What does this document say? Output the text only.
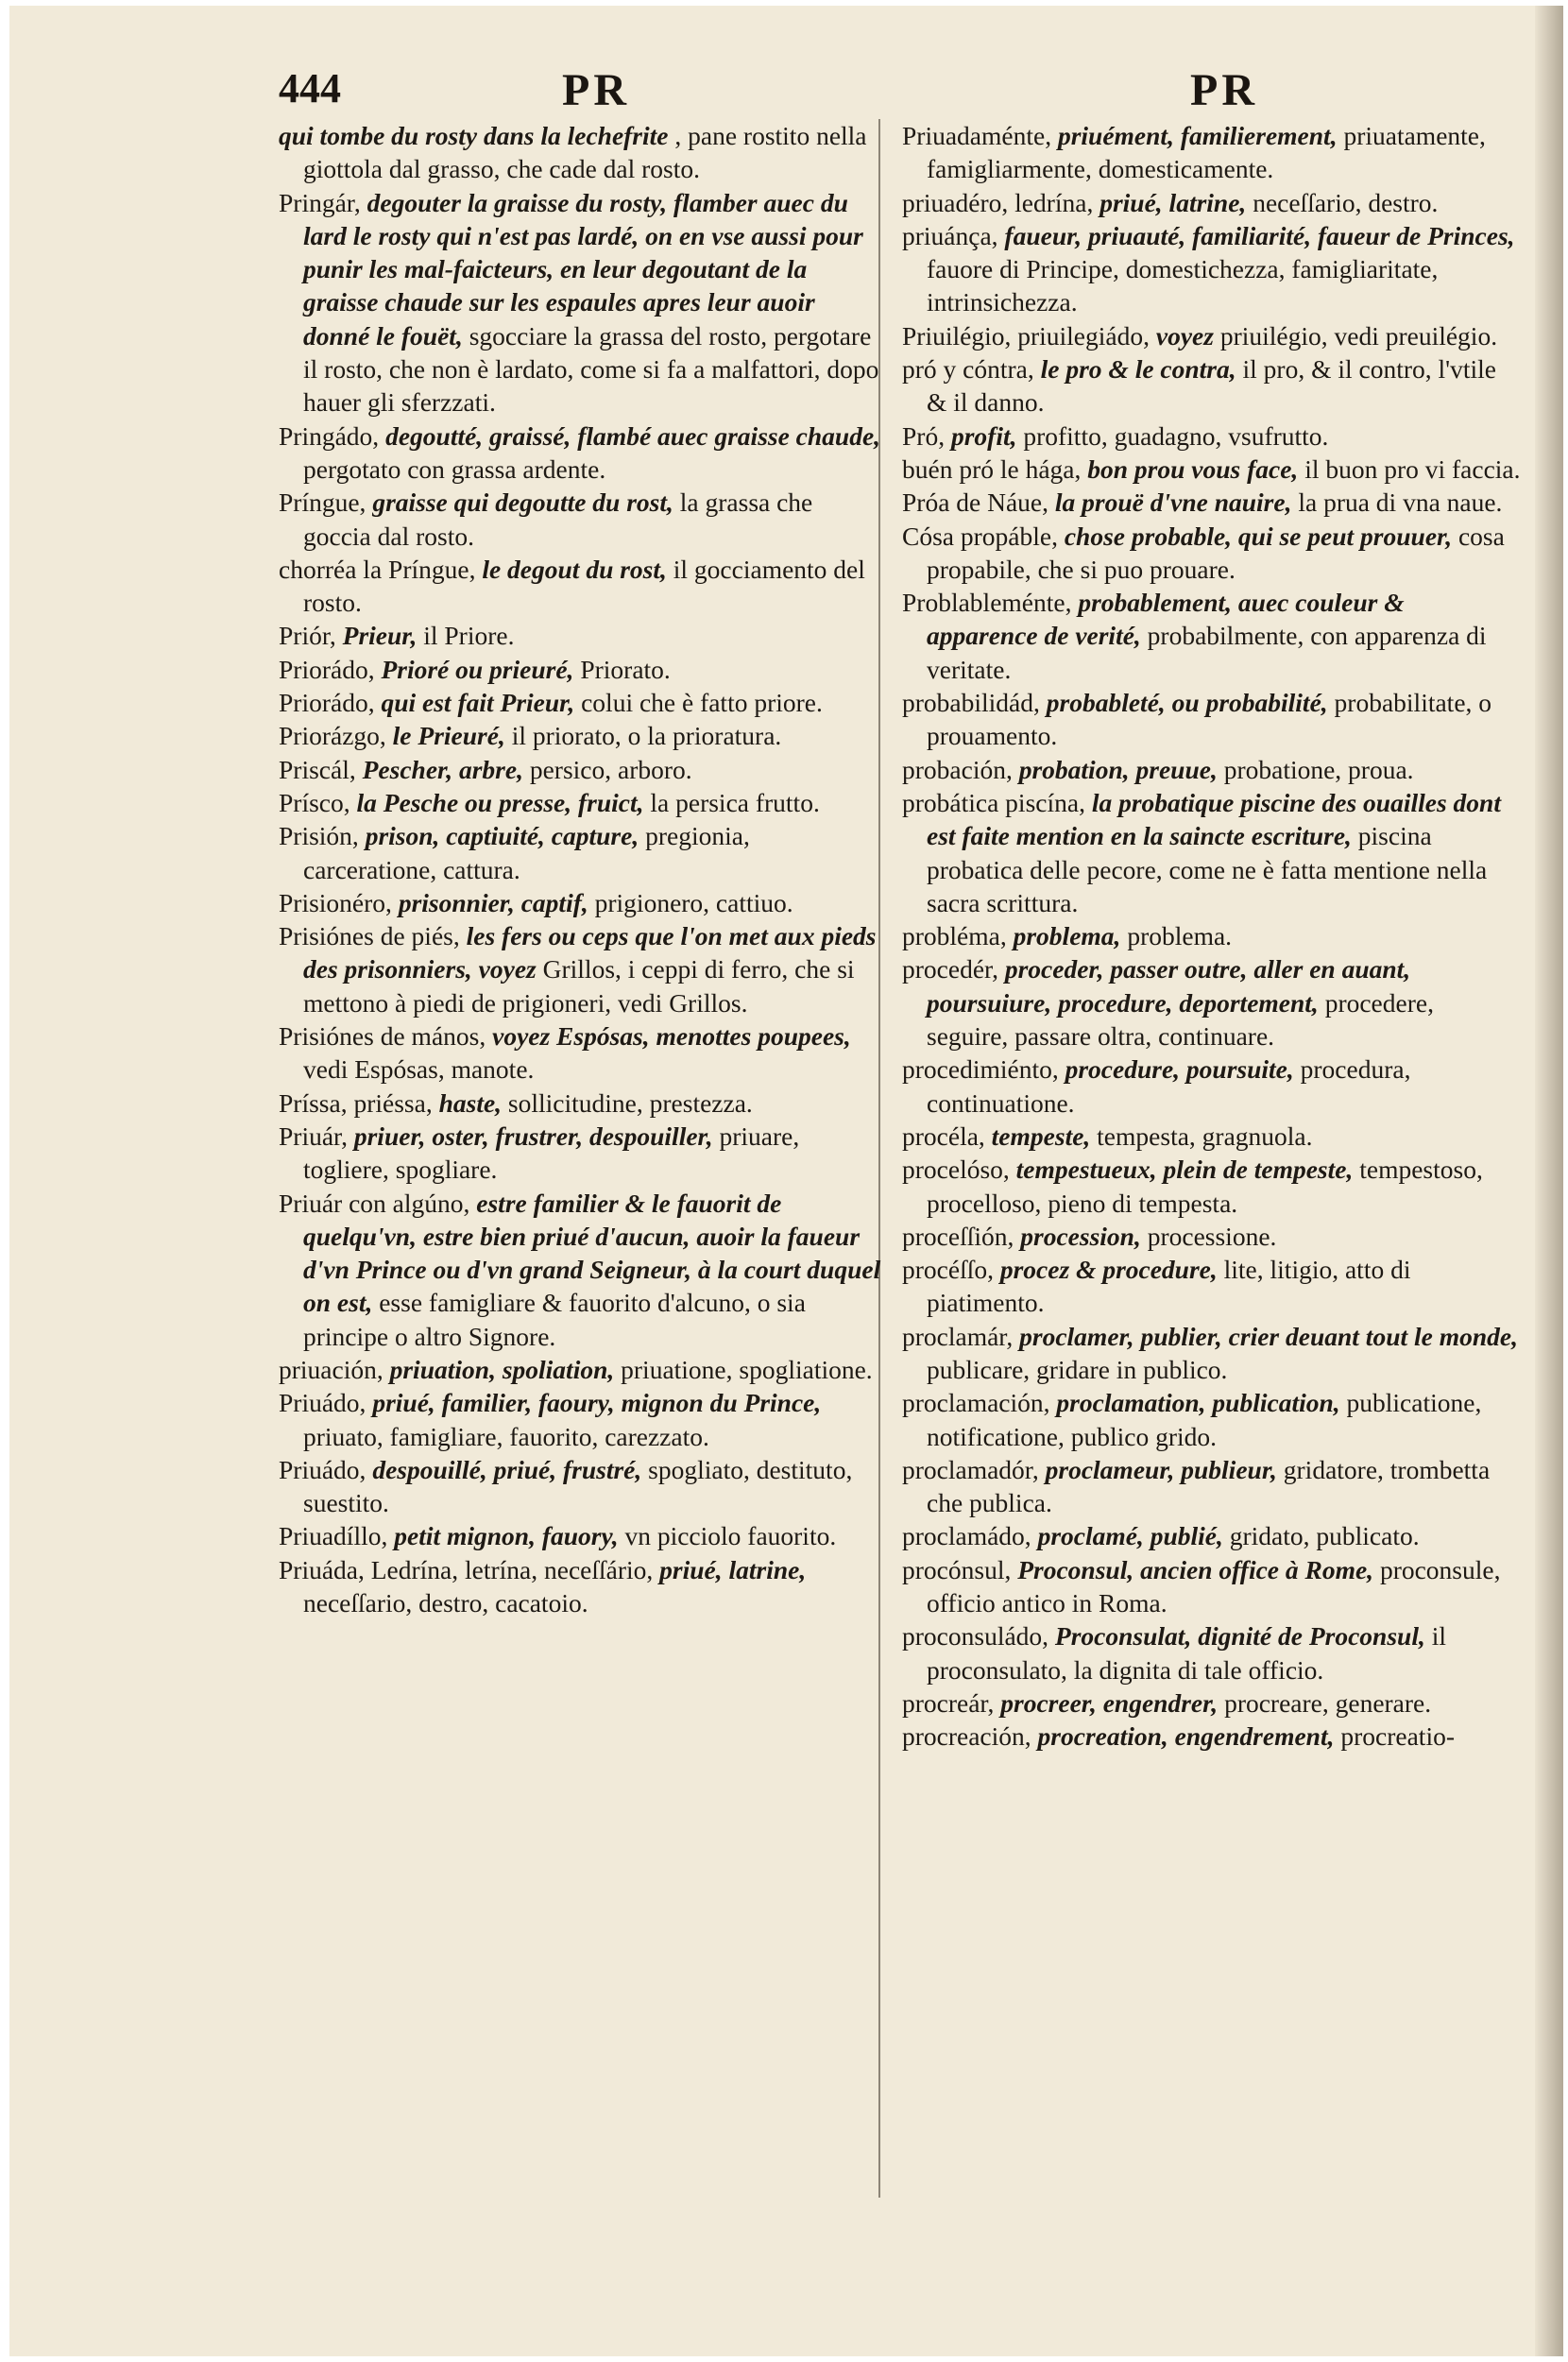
444	PR	PR

qui tombe du rosty dans la lechefrite , pane rostito nella giottola dal grasso, che cade dal rosto.

Pringár, degouter la graisse du rosty, flamber auec du lard le rosty qui n'est pas lardé, on en vse aussi pour punir les mal-faicteurs, en leur degoutant de la graisse chaude sur les espaules apres leur auoir donné le fouët, sgocciare la grassa del rosto, pergotare il rosto, che non è lardato, come si fa a malfattori, dopo hauer gli sferzzati.

Pringádo, degoutté, graissé, flambé auec graisse chaude, pergotato con grassa ardente.

Príngue, graisse qui degoutte du rost, la grassa che goccia dal rosto.

chorréa la Príngue, le degout du rost, il gocciamento del rosto.

Priór, Prieur, il Priore.

Priorádo, Prioré ou prieuré, Priorato.

Priorádo, qui est fait Prieur, colui che è fatto priore.

Priorázgo, le Prieuré, il priorato, o la prioratura.

Priscál, Pescher, arbre, persico, arboro.

Prísco, la Pesche ou presse, fruict, la persica frutto.

Prisión, prison, captiuité, capture, pregionia, carceratione, cattura.

Prisionéro, prisonnier, captif, prigionero, cattiuo.

Prisiónes de piés, les fers ou ceps que l'on met aux pieds des prisonniers, voyez Grillos, i ceppi di ferro, che si mettono à piedi de prigioneri, vedi Grillos.

Prisiónes de mános, voyez Espósas, menottes poupees, vedi Espósas, manote.

Príssa, priéssa, haste, sollicitudine, prestezza.

Priuár, priuer, oster, frustrer, despouiller, priuare, togliere, spogliare.

Priuár con algúno, estre familier & le fauorit de quelqu'vn, estre bien priué d'aucun, auoir la faueur d'vn Prince ou d'vn grand Seigneur, à la court duquel on est, esse famigliare & fauorito d'alcuno, o sia principe o altro Signore.

priuación, priuation, spoliation, priuatione, spogliatione.

Priuádo, priué, familier, faoury, mignon du Prince, priuato, famigliare, fauorito, carezzato.

Priuádo, despouillé, priué, frustré, spogliato, destituto, suestito.

Priuadíllo, petit mignon, fauory, vn picciolo fauorito.

Priuáda, Ledrína, letrína, neceſſário, priué, latrine, neceſſario, destro, cacatoio.

Priuadaménte, priuément, familierement, priuatamente, famigliarmente, domesticamente.

priuadéro, ledrína, priué, latrine, neceſſario, destro.

priuánça, faueur, priuauté, familiarité, faueur de Princes, fauore di Principe, domestichezza, famigliaritate, intrinsichezza.

Priuilégio, priuilegiádo, voyez priuilégio, vedi preuilégio.

pró y cóntra, le pro & le contra, il pro, & il contro, l'vtile & il danno.

Pró, profit, profitto, guadagno, vsufrutto.

buén pró le hága, bon prou vous face, il buon pro vi faccia.

Próa de Náue, la prouë d'vne nauire, la prua di vna naue.

Cósa propáble, chose probable, qui se peut prouuer, cosa propabile, che si puo prouare.

Problableménte, probablement, auec couleur & apparence de verité, probabilmente, con apparenza di veritate.

probabilidád, probableté, ou probabilité, probabilitate, o prouamento.

probación, probation, preuue, probatione, proua.

probática piscína, la probatique piscine des ouailles dont est faite mention en la saincte escriture, piscina probatica delle pecore, come ne è fatta mentione nella sacra scrittura.

probléma, problema, problema.

procedér, proceder, passer outre, aller en auant, poursuiure, procedure, deportement, procedere, seguire, passare oltra, continuare.

procedimiénto, procedure, poursuite, procedura, continuatione.

procéla, tempeste, tempesta, gragnuola.

procelóso, tempestueux, plein de tempeste, tempestoso, procelloso, pieno di tempesta.

proceſſión, procession, processione.

procéſſo, procez & procedure, lite, litigio, atto di piatimento.

proclamár, proclamer, publier, crier deuant tout le monde, publicare, gridare in publico.

proclamación, proclamation, publication, publicatione, notificatione, publico grido.

proclamadór, proclameur, publieur, gridatore, trombetta che publica.

proclamádo, proclamé, publié, gridato, publicato.

procónsul, Proconsul, ancien office à Rome, proconsule, officio antico in Roma.

proconsuládo, Proconsulat, dignité de Proconsul, il proconsulato, la dignita di tale officio.

procreár, procreer, engendrer, procreare, generare.

procreación, procreation, engendrement, procreatio-
